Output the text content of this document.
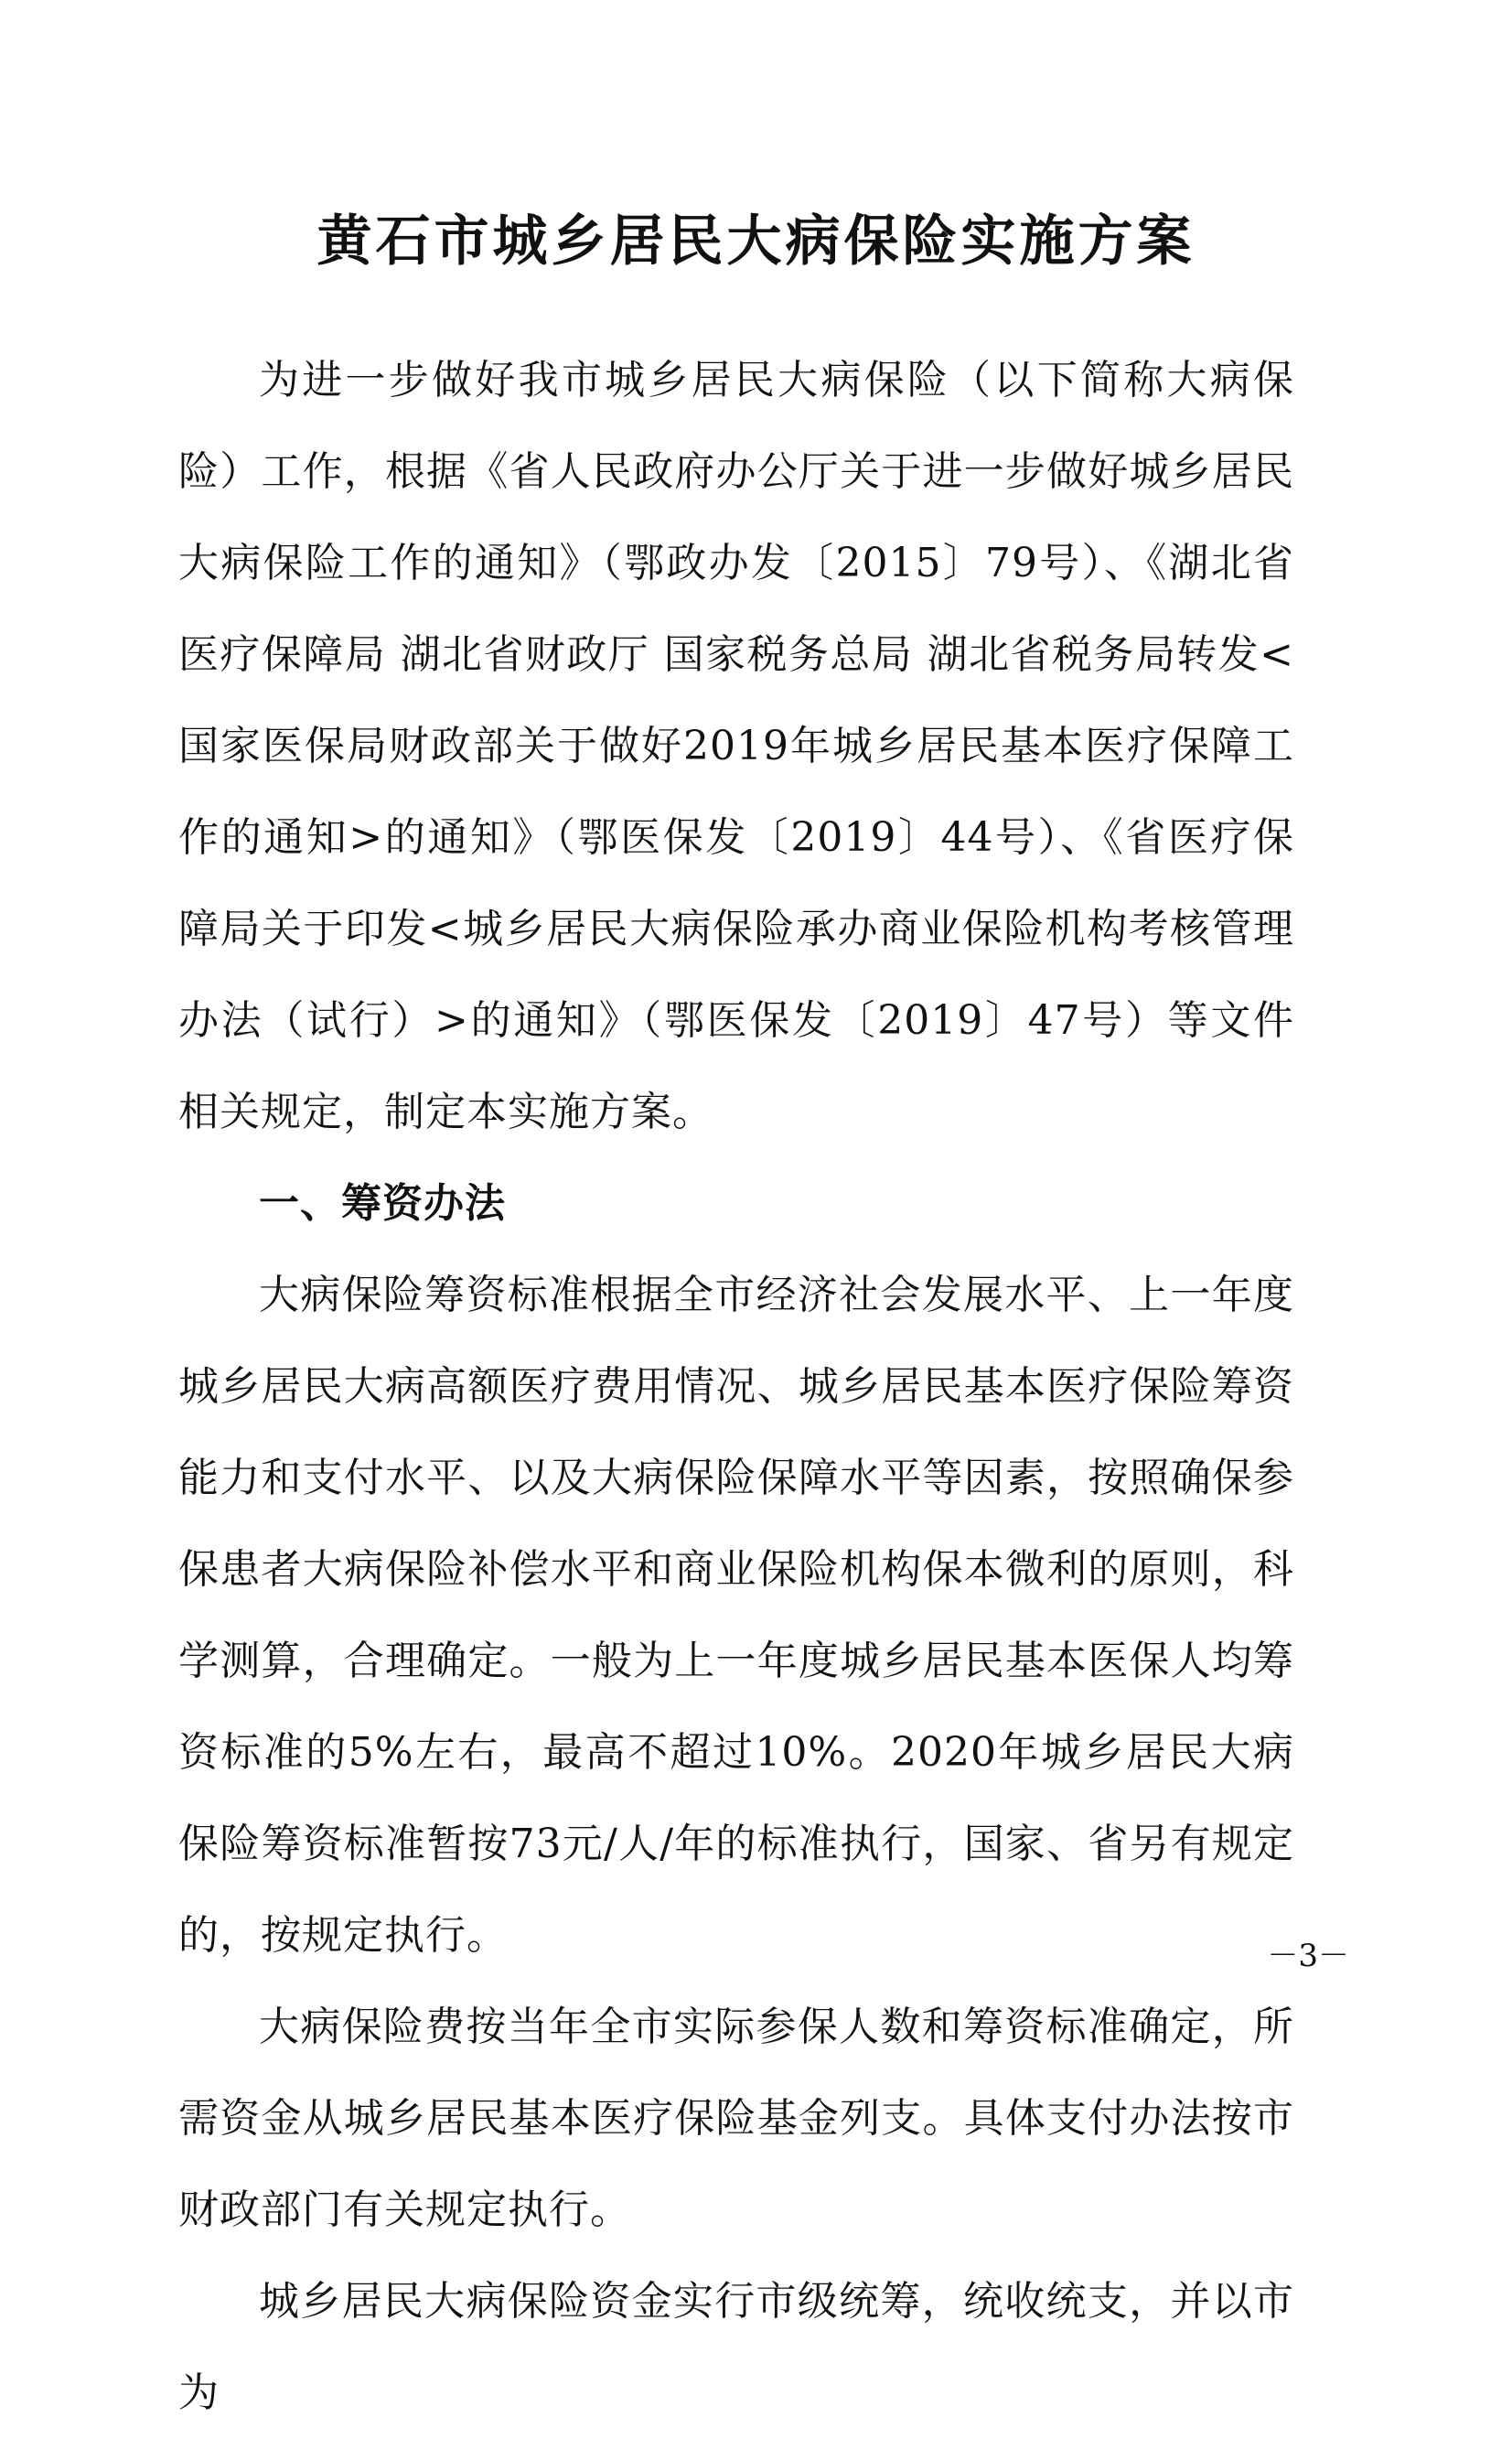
黄石市城乡居民大病保险实施方案

为进一步做好我市城乡居民大病保险（以下简称大病保险）工作，根据《省人民政府办公厅关于进一步做好城乡居民大病保险工作的通知》（鄂政办发〔2015〕79号）、《湖北省医疗保障局 湖北省财政厅 国家税务总局 湖北省税务局转发<国家医保局财政部关于做好2019年城乡居民基本医疗保障工作的通知>的通知》（鄂医保发〔2019〕44号）、《省医疗保障局关于印发<城乡居民大病保险承办商业保险机构考核管理办法（试行）>的通知》（鄂医保发〔2019〕47号）等文件相关规定，制定本实施方案。

一、筹资办法

大病保险筹资标准根据全市经济社会发展水平、上一年度城乡居民大病高额医疗费用情况、城乡居民基本医疗保险筹资能力和支付水平、以及大病保险保障水平等因素，按照确保参保患者大病保险补偿水平和商业保险机构保本微利的原则，科学测算，合理确定。一般为上一年度城乡居民基本医保人均筹资标准的5%左右，最高不超过10%。2020年城乡居民大病保险筹资标准暂按73元/人/年的标准执行，国家、省另有规定的，按规定执行。

大病保险费按当年全市实际参保人数和筹资标准确定，所需资金从城乡居民基本医疗保险基金列支。具体支付办法按市财政部门有关规定执行。

城乡居民大病保险资金实行市级统筹，统收统支，并以市为

－3－
